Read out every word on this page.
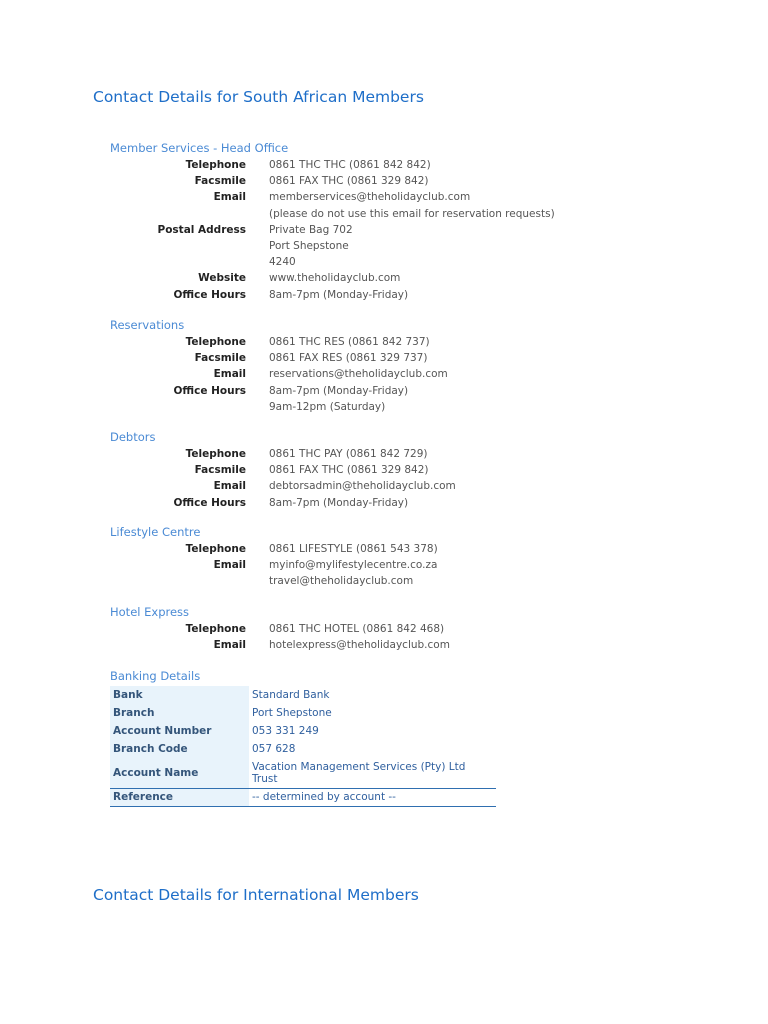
Contact Details for South African Members
Member Services - Head Office
Telephone 0861 THC THC (0861 842 842)
Facsmile 0861 FAX THC (0861 329 842)
Email memberservices@theholidayclub.com
(please do not use this email for reservation requests)
Postal Address Private Bag 702
Port Shepstone
4240
Website www.theholidayclub.com
Office Hours 8am-7pm (Monday-Friday)
Reservations
Telephone 0861 THC RES (0861 842 737)
Facsmile 0861 FAX RES (0861 329 737)
Email reservations@theholidayclub.com
Office Hours 8am-7pm (Monday-Friday)
9am-12pm (Saturday)
Debtors
Telephone 0861 THC PAY (0861 842 729)
Facsmile 0861 FAX THC (0861 329 842)
Email debtorsadmin@theholidayclub.com
Office Hours 8am-7pm (Monday-Friday)
Lifestyle Centre
Telephone 0861 LIFESTYLE (0861 543 378)
Email myinfo@mylifestylecentre.co.za
travel@theholidayclub.com
Hotel Express
Telephone 0861 THC HOTEL (0861 842 468)
Email hotelexpress@theholidayclub.com
Banking Details
Bank	Standard Bank
Branch	Port Shepstone
Account Number	053 331 249
Branch Code	057 628
Account Name	Vacation Management Services (Pty) Ltd Trust
Reference	-- determined by account --
Contact Details for International Members
